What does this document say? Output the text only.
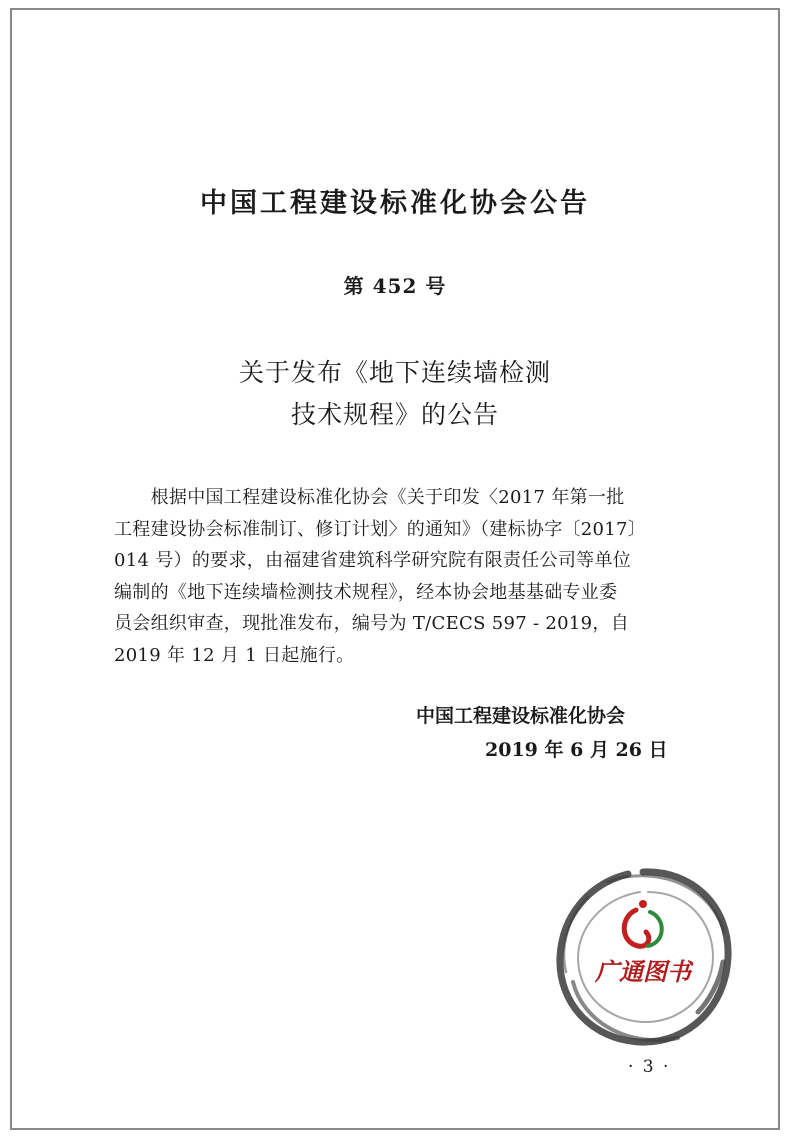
中国工程建设标准化协会公告
第 452 号
关于发布《地下连续墙检测
技术规程》的公告
　　根据中国工程建设标准化协会《关于印发〈2017 年第一批
工程建设协会标准制订、修订计划〉的通知》（建标协字〔2017〕
014 号）的要求，由福建省建筑科学研究院有限责任公司等单位
编制的《地下连续墙检测技术规程》，经本协会地基基础专业委
员会组织审查，现批准发布，编号为 T/CECS 597 - 2019，自
2019 年 12 月 1 日起施行。
中国工程建设标准化协会
2019 年 6 月 26 日
广通图书
· 3 ·
